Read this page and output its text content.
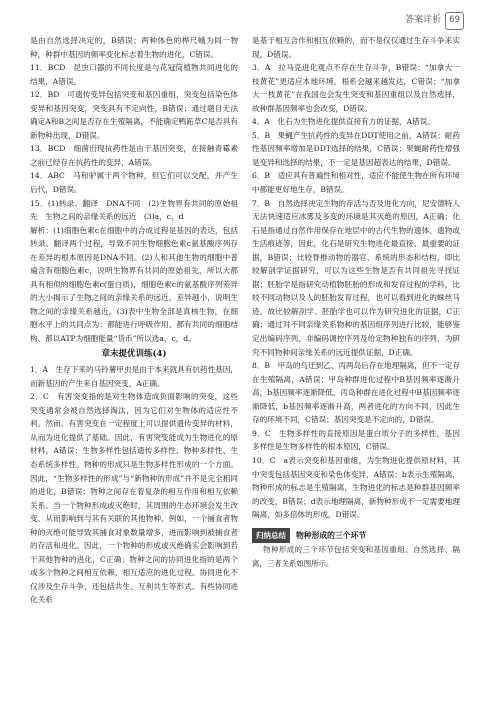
答案详析 69

是由自然选择决定的，B错误；两种体色的桦尺蛾为同一物种，种群中基因的频率变化标志着生物的进化，C错误。

11．BCD　昆虫口器的不同长度是与花冠筒植物共同进化的结果，A错误。

12．BD　可遗传变异包括突变和基因重组，突变包括染色体变异和基因突变，突变具有不定向性，B错误；通过题目无法确定A和B之间是否存在生殖隔离，不能确定鸭跖草C是否具有新物种出现，D错误。

13．BCD　细菌出现抗药性是由于基因突变，在接触青霉素之前已经存在抗药性的变异，A错误。

14．ABC　马和驴属于两个物种，但它们可以交配，并产生后代，D错误。

15．(1)转录、翻译　DNA不同　(2)生物界有共同的原始祖先　生物之间的亲缘关系的远近　(3)a，c，d

解析：(1)细胞色素c在细胞中的合成过程是基因的表达，包括转录、翻译两个过程，导致不同生物细胞色素c氨基酸序列存在差异的根本原因是DNA不同。(2)人和其他生物的细胞中普遍含有细胞色素c，说明生物界有共同的原始祖先，所以大都具有相似的细胞色素c(蛋白质)，细胞色素c的氨基酸序列差异的大小揭示了生物之间的亲缘关系的远近，差异越小，说明生物之间的亲缘关系越近。(3)表中生物全部是真核生物，在细胞水平上的共同点为：都能进行呼吸作用、都有共同的细胞结构、都以ATP为细胞能量“货币”所以选a，c，d。

章末提优训练(4)

1．A　生存下来的马铃薯甲虫是由于本来就具有抗药性基因，而新基因的产生来自基因突变，A正确。

2．C　有害突变指的是对生物体造成负面影响的突变，这些突变通常会被自然选择淘汰，因为它们对生物体的适应性不利。然而，有害突变在一定程度上可以提供遗传变异的材料，从而为进化提供了基础。因此，有害突变能成为生物进化的原材料，A错误；生物多样性包括遗传多样性、物种多样性、生态系统多样性。物种的形成只是生物多样性形成的一个方面。因此，“生物多样性的形成”与“新物种的形成”并不是完全相同的进化，B错误；物种之间存在着复杂的相互作用和相互依赖关系。当一个物种形成或灭绝时，其周围的生态环境会发生改变，从而影响到与其有关联的其他物种。例如，一个捕食者物种的灭绝可能导致其捕食对象数量增多，进而影响到被捕食者的存活和进化。因此，一个物种的形成或灭绝确实会影响到若干其他物种的进化，C正确；物种之间的协同进化指的是两个或多个物种之间相互依赖、相互适应的进化过程。协同进化不仅涉及生存斗争，还包括共生、互利共生等形式。有些协同进化关系

是基于相互合作和相互依赖的，而不是仅仅通过生存斗争来实现，D错误。

3．A　拉马克进化观点不存在生存斗争，B错误；“加拿大一枝黄花”更适应本地环境，根系会越来越发达，C错误；“加拿大一枝黄花”在我国也会发生突变和基因重组以及自然选择，故种群基因频率也会改变，D错误。

4．A　化石为生物进化提供直接有力的证据，A错误。

5．B　果蝇产生抗药性的变异在DDT使用之前，A错误；耐药性基因频率增加是DDT选择的结果，C错误；果蝇耐药性增强是变异和选择的结果，不一定是基因超表达的结果，D错误。

6．B　适应具有普遍性和相对性，适应不能使生物在所有环境中都能更好地生存，B错误。

7．B　自然选择决定生物的存活与否及进化方向，尼安德特人无法快速适应冰雾及多变的环境是其灭绝的原因，A正确；化石是指通过自然作用保存在地层中的古代生物的遗体、遗物或生活痕迹等，因此，化石是研究生物进化最直接、最重要的证据，B错误；比较脊椎动物的器官、系统的形态和结构，即比较解剖学证据研究，可以为这些生物是否有共同祖先寻找证据；胚胎学是指研究动植物胚胎的形成和发育过程的学科，比较不同动物以及人的胚胎发育过程，也可以看到进化的蛛丝马迹，故比较解剖学、胚胎学也可以作为研究进化的证据，C正确；通过对不同亲缘关系物种的基因组序列进行比较，能够鉴定出编码序列、非编码调控序列及给定物种独有的序列，为研究不同物种间亲缘关系的远近提供证据，D正确。

8．B　甲岛的鸟迁到乙、丙两岛后存在地理隔离，但不一定存在生殖隔离，A错误；甲岛种群进化过程中B基因频率逐渐升高，b基因频率逐渐降低，丙岛种群在进化过程中B基因频率逐渐降低，b基因频率逐渐升高，两者进化的方向不同，因此生存的环境不同，C错误；基因突变是不定向的，D错误。

9．C　生物多样性的直接原因是蛋白质分子的多样性，基因多样性是生物多样性的根本原因，C错误。

10．C　a表示突变和基因重组，为生物进化提供原材料，其中突变包括基因突变和染色体变异，A错误；b表示生殖隔离，物种形成的标志是生殖隔离，生物进化的标志是种群基因频率的改变，B错误；d表示地理隔离，新物种形成不一定需要地理隔离，如多倍体的形成，D错误。

归纳总结	物种形成的三个环节

物种形成的三个环节包括突变和基因重组、自然选择、隔离，三者关系如图所示。
